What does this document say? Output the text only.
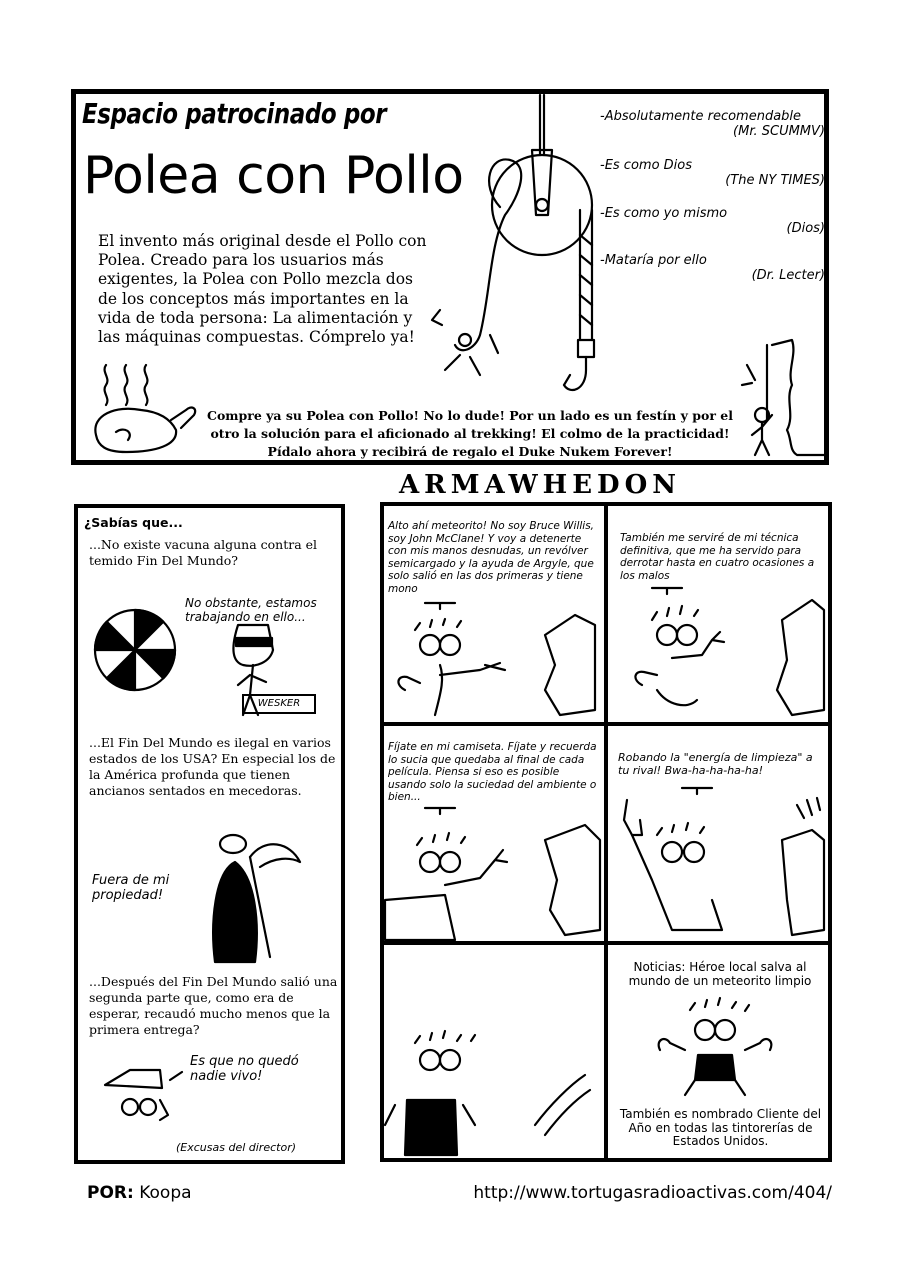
Espacio patrocinado por
Polea con Pollo
El invento más original desde el Pollo con Polea. Creado para los usuarios más exigentes, la Polea con Pollo mezcla dos de los conceptos más importantes en la vida de toda persona: La alimentación y las máquinas compuestas. Cómprelo ya!
-Absolutamente recomendable
(Mr. SCUMMV)
-Es como Dios
(The NY TIMES)
-Es como yo mismo
(Dios)
-Mataría por ello
(Dr. Lecter)
Compre ya su Polea con Pollo! No lo dude! Por un lado es un festín y por el otro la solución para el aficionado al trekking! El colmo de la practicidad! Pídalo ahora y recibirá de regalo el Duke Nukem Forever!
¿Sabías que...
...No existe vacuna alguna contra el temido Fin Del Mundo?
No obstante, estamos trabajando en ello...
WESKER
...El Fin Del Mundo es ilegal en varios estados de los USA? En especial los de la América profunda que tienen ancianos sentados en mecedoras.
Fuera de mi propiedad!
...Después del Fin Del Mundo salió una segunda parte que, como era de esperar, recaudó mucho menos que la primera entrega?
Es que no quedó nadie vivo!
(Excusas del director)
ARMAWHEDON
Alto ahí meteorito! No soy Bruce Willis, soy John McClane! Y voy a detenerte con mis manos desnudas, un revólver semicargado y la ayuda de Argyle, que solo salió en las dos primeras y tiene mono
También me serviré de mi técnica definitiva, que me ha servido para derrotar hasta en cuatro ocasiones a los malos
Fíjate en mi camiseta. Fíjate y recuerda lo sucia que quedaba al final de cada película. Piensa si eso es posible usando solo la suciedad del ambiente o bien...
Robando la "energía de limpieza" a tu rival! Bwa-ha-ha-ha-ha!
Noticias: Héroe local salva al mundo de un meteorito limpio
También es nombrado Cliente del Año en todas las tintorerías de Estados Unidos.
POR: Koopa	http://www.tortugasradioactivas.com/404/
